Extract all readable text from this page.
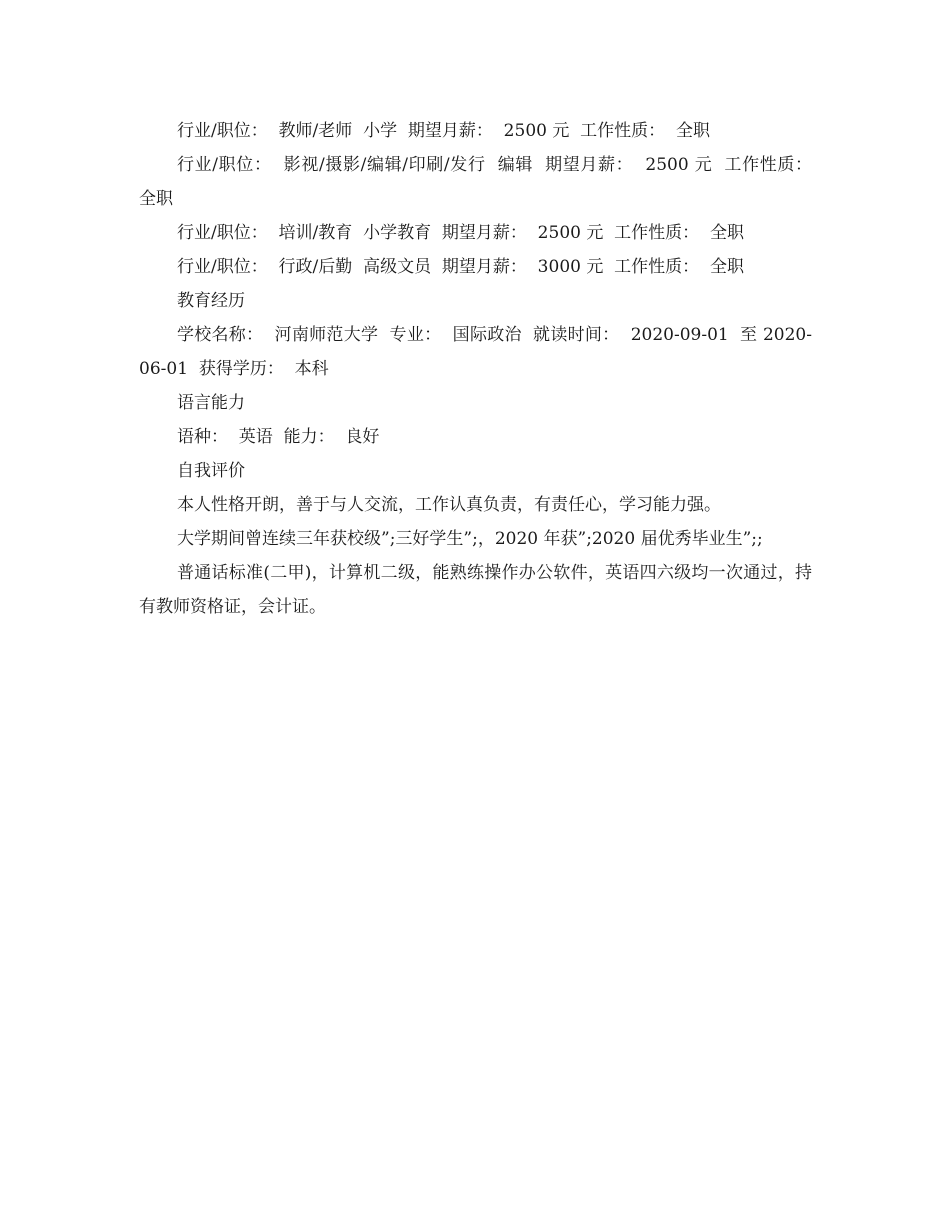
行业/职位：  教师/老师  小学  期望月薪：  2500 元  工作性质：  全职

行业/职位：  影视/摄影/编辑/印刷/发行  编辑  期望月薪：  2500 元  工作性质：  全职

行业/职位：  培训/教育  小学教育  期望月薪：  2500 元  工作性质：  全职

行业/职位：  行政/后勤  高级文员  期望月薪：  3000 元  工作性质：  全职

教育经历

学校名称：  河南师范大学  专业：  国际政治  就读时间：  2020-09-01  至 2020-06-01  获得学历：  本科

语言能力

语种：  英语  能力：  良好

自我评价

本人性格开朗，善于与人交流，工作认真负责，有责任心，学习能力强。

大学期间曾连续三年获校级”;三好学生”;，2020 年获”;2020 届优秀毕业生”;;

普通话标准(二甲)，计算机二级，能熟练操作办公软件，英语四六级均一次通过，持有教师资格证，会计证。
